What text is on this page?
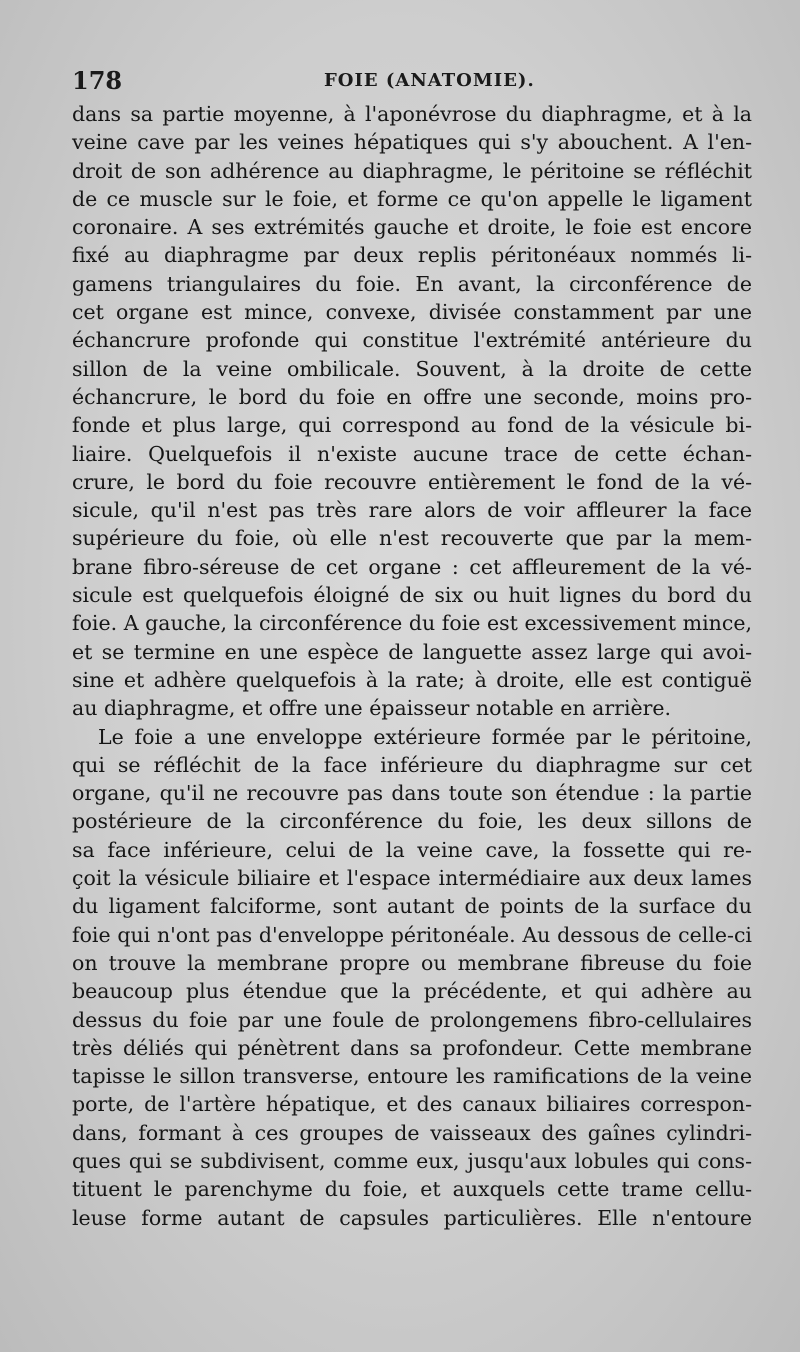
178	FOIE (ANATOMIE).
dans sa partie moyenne, à l'aponévrose du diaphragme, et à la
veine cave par les veines hépatiques qui s'y abouchent. A l'en-
droit de son adhérence au diaphragme, le péritoine se réfléchit
de ce muscle sur le foie, et forme ce qu'on appelle le ligament
coronaire. A ses extrémités gauche et droite, le foie est encore
fixé au diaphragme par deux replis péritonéaux nommés li-
gamens triangulaires du foie. En avant, la circonférence de
cet organe est mince, convexe, divisée constamment par une
échancrure profonde qui constitue l'extrémité antérieure du
sillon de la veine ombilicale. Souvent, à la droite de cette
échancrure, le bord du foie en offre une seconde, moins pro-
fonde et plus large, qui correspond au fond de la vésicule bi-
liaire. Quelquefois il n'existe aucune trace de cette échan-
crure, le bord du foie recouvre entièrement le fond de la vé-
sicule, qu'il n'est pas très rare alors de voir affleurer la face
supérieure du foie, où elle n'est recouverte que par la mem-
brane fibro-séreuse de cet organe : cet affleurement de la vé-
sicule est quelquefois éloigné de six ou huit lignes du bord du
foie. A gauche, la circonférence du foie est excessivement mince,
et se termine en une espèce de languette assez large qui avoi-
sine et adhère quelquefois à la rate; à droite, elle est contiguë
au diaphragme, et offre une épaisseur notable en arrière.
Le foie a une enveloppe extérieure formée par le péritoine,
qui se réfléchit de la face inférieure du diaphragme sur cet
organe, qu'il ne recouvre pas dans toute son étendue : la partie
postérieure de la circonférence du foie, les deux sillons de
sa face inférieure, celui de la veine cave, la fossette qui re-
çoit la vésicule biliaire et l'espace intermédiaire aux deux lames
du ligament falciforme, sont autant de points de la surface du
foie qui n'ont pas d'enveloppe péritonéale. Au dessous de celle-ci
on trouve la membrane propre ou membrane fibreuse du foie
beaucoup plus étendue que la précédente, et qui adhère au
dessus du foie par une foule de prolongemens fibro-cellulaires
très déliés qui pénètrent dans sa profondeur. Cette membrane
tapisse le sillon transverse, entoure les ramifications de la veine
porte, de l'artère hépatique, et des canaux biliaires correspon-
dans, formant à ces groupes de vaisseaux des gaînes cylindri-
ques qui se subdivisent, comme eux, jusqu'aux lobules qui cons-
tituent le parenchyme du foie, et auxquels cette trame cellu-
leuse forme autant de capsules particulières. Elle n'entoure
